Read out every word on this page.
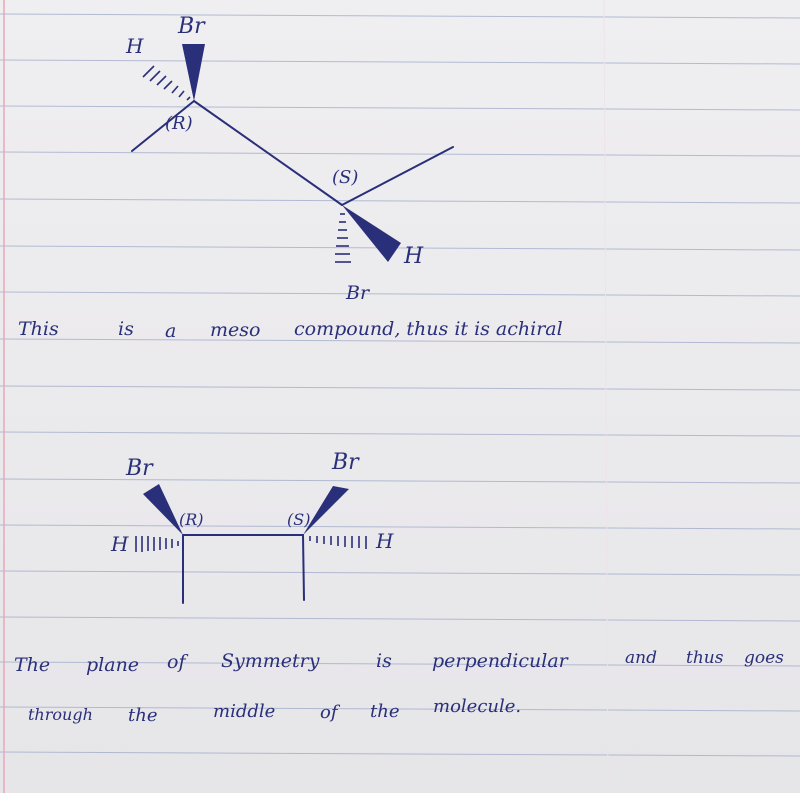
Br
H
(R)
(S)
H
Br
This	is a meso compound, thus it is achiral
Br	Br
(R)	(S)
H	H
The plane of Symmetry	is perpendicular	and thus goes
through the	middle of the molecule.
